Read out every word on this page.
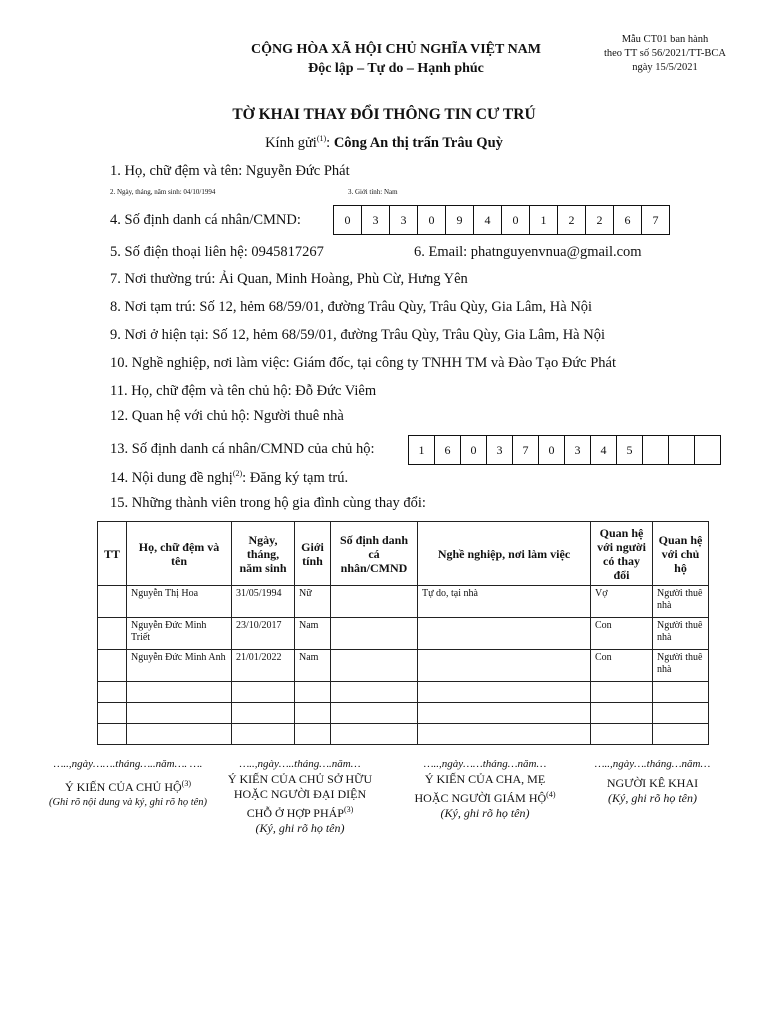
CỘNG HÒA XÃ HỘI CHỦ NGHĨA VIỆT NAM
Độc lập – Tự do – Hạnh phúc
Mẫu CT01 ban hành
theo TT số 56/2021/TT-BCA
ngày 15/5/2021
TỜ KHAI THAY ĐỔI THÔNG TIN CƯ TRÚ
Kính gửi$^{(1)}$: Công An thị trấn Trâu Quỳ
1. Họ, chữ đệm và tên: Nguyễn Đức Phát
2. Ngày, tháng, năm sinh: 04/10/1994	3. Giới tính: Nam
4. Số định danh cá nhân/CMND:	0	3	3	0	9	4	0	1	2	2	6	7
5. Số điện thoại liên hệ: 0945817267	6. Email: phatnguyenvnua@gmail.com
7. Nơi thường trú: Ải Quan, Minh Hoàng, Phù Cừ, Hưng Yên
8. Nơi tạm trú: Số 12, hẻm 68/59/01, đường Trâu Qùy, Trâu Qùy, Gia Lâm, Hà Nội
9. Nơi ở hiện tại: Số 12, hẻm 68/59/01, đường Trâu Qùy, Trâu Qùy, Gia Lâm, Hà Nội
10. Nghề nghiệp, nơi làm việc: Giám đốc, tại công ty TNHH TM và Đào Tạo Đức Phát
11. Họ, chữ đệm và tên chủ hộ: Đỗ Đức Viêm
12. Quan hệ với chủ hộ: Người thuê nhà
13. Số định danh cá nhân/CMND của chủ hộ:	1	6	0	3	7	0	3	4	5
14. Nội dung đề nghị$^{(2)}$: Đăng ký tạm trú.
15. Những thành viên trong hộ gia đình cùng thay đổi:
TT	Họ, chữ đệm và tên	Ngày, tháng, năm sinh	Giới tính	Số định danh cá nhân/CMND	Nghề nghiệp, nơi làm việc	Quan hệ với người có thay đổi	Quan hệ với chủ hộ
	Nguyễn Thị Hoa	31/05/1994	Nữ		Tự do, tại nhà	Vợ	Người thuê nhà
	Nguyễn Đức Minh Triết	23/10/2017	Nam			Con	Người thuê nhà
	Nguyễn Đức Minh Anh	21/01/2022	Nam			Con	Người thuê nhà

…..,ngày…….tháng…..năm…. ….
Ý KIẾN CỦA CHỦ HỘ$^{(3)}$
(Ghi rõ nội dung và ký, ghi rõ họ tên)
…..,ngày…..tháng….năm…
Ý KIẾN CỦA CHỦ SỞ HỮU HOẶC NGƯỜI ĐẠI DIỆN CHỖ Ở HỢP PHÁP$^{(3)}$
(Ký, ghi rõ họ tên)
…..,ngày……tháng…năm…
Ý KIẾN CỦA CHA, MẸ HOẶC NGƯỜI GIÁM HỘ$^{(4)}$
(Ký, ghi rõ họ tên)
…..,ngày….tháng…năm…
NGƯỜI KÊ KHAI
(Ký, ghi rõ họ tên)
